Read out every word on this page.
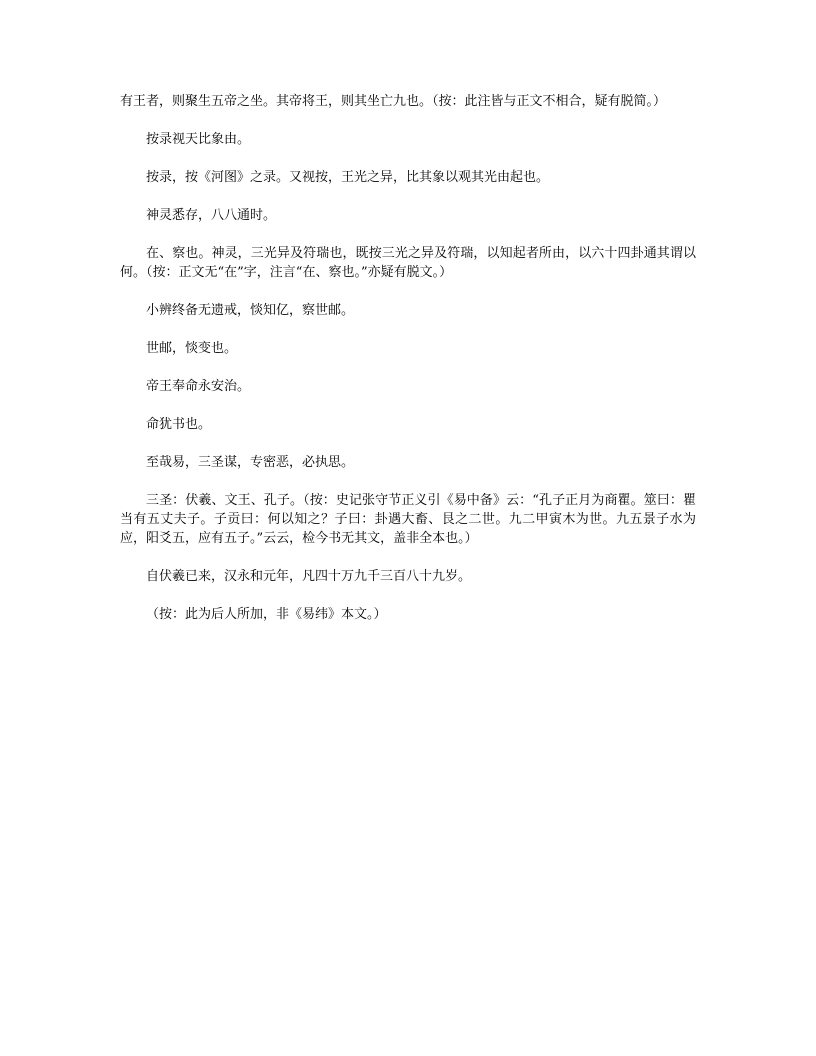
有王者，则聚生五帝之坐。其帝将王，则其坐亡九也。（按：此注皆与正文不相合，疑有脱简。）

按录视天比象由。

按录，按《河图》之录。又视按，王光之异，比其象以观其光由起也。

神灵悉存，八八通时。

在、察也。神灵，三光异及符瑞也，既按三光之异及符瑞，以知起者所由，以六十四卦通其谓以何。（按：正文无“在”字，注言“在、察也。”亦疑有脱文。）

小辨终备无遗戒，惔知亿，察世邮。

世邮，惔变也。

帝王奉命永安治。

命犹书也。

至哉易，三圣谋，专密恶，必执思。

三圣：伏羲、文王、孔子。（按：史记张守节正义引《易中备》云：“孔子正月为商瞿。筮曰：瞿当有五丈夫子。子贡曰：何以知之？子曰：卦遇大畜、艮之二世。九二甲寅木为世。九五景子水为应，阳爻五，应有五子。”云云，检今书无其文，盖非全本也。）

自伏羲已来，汉永和元年，凡四十万九千三百八十九岁。

（按：此为后人所加，非《易纬》本文。）
